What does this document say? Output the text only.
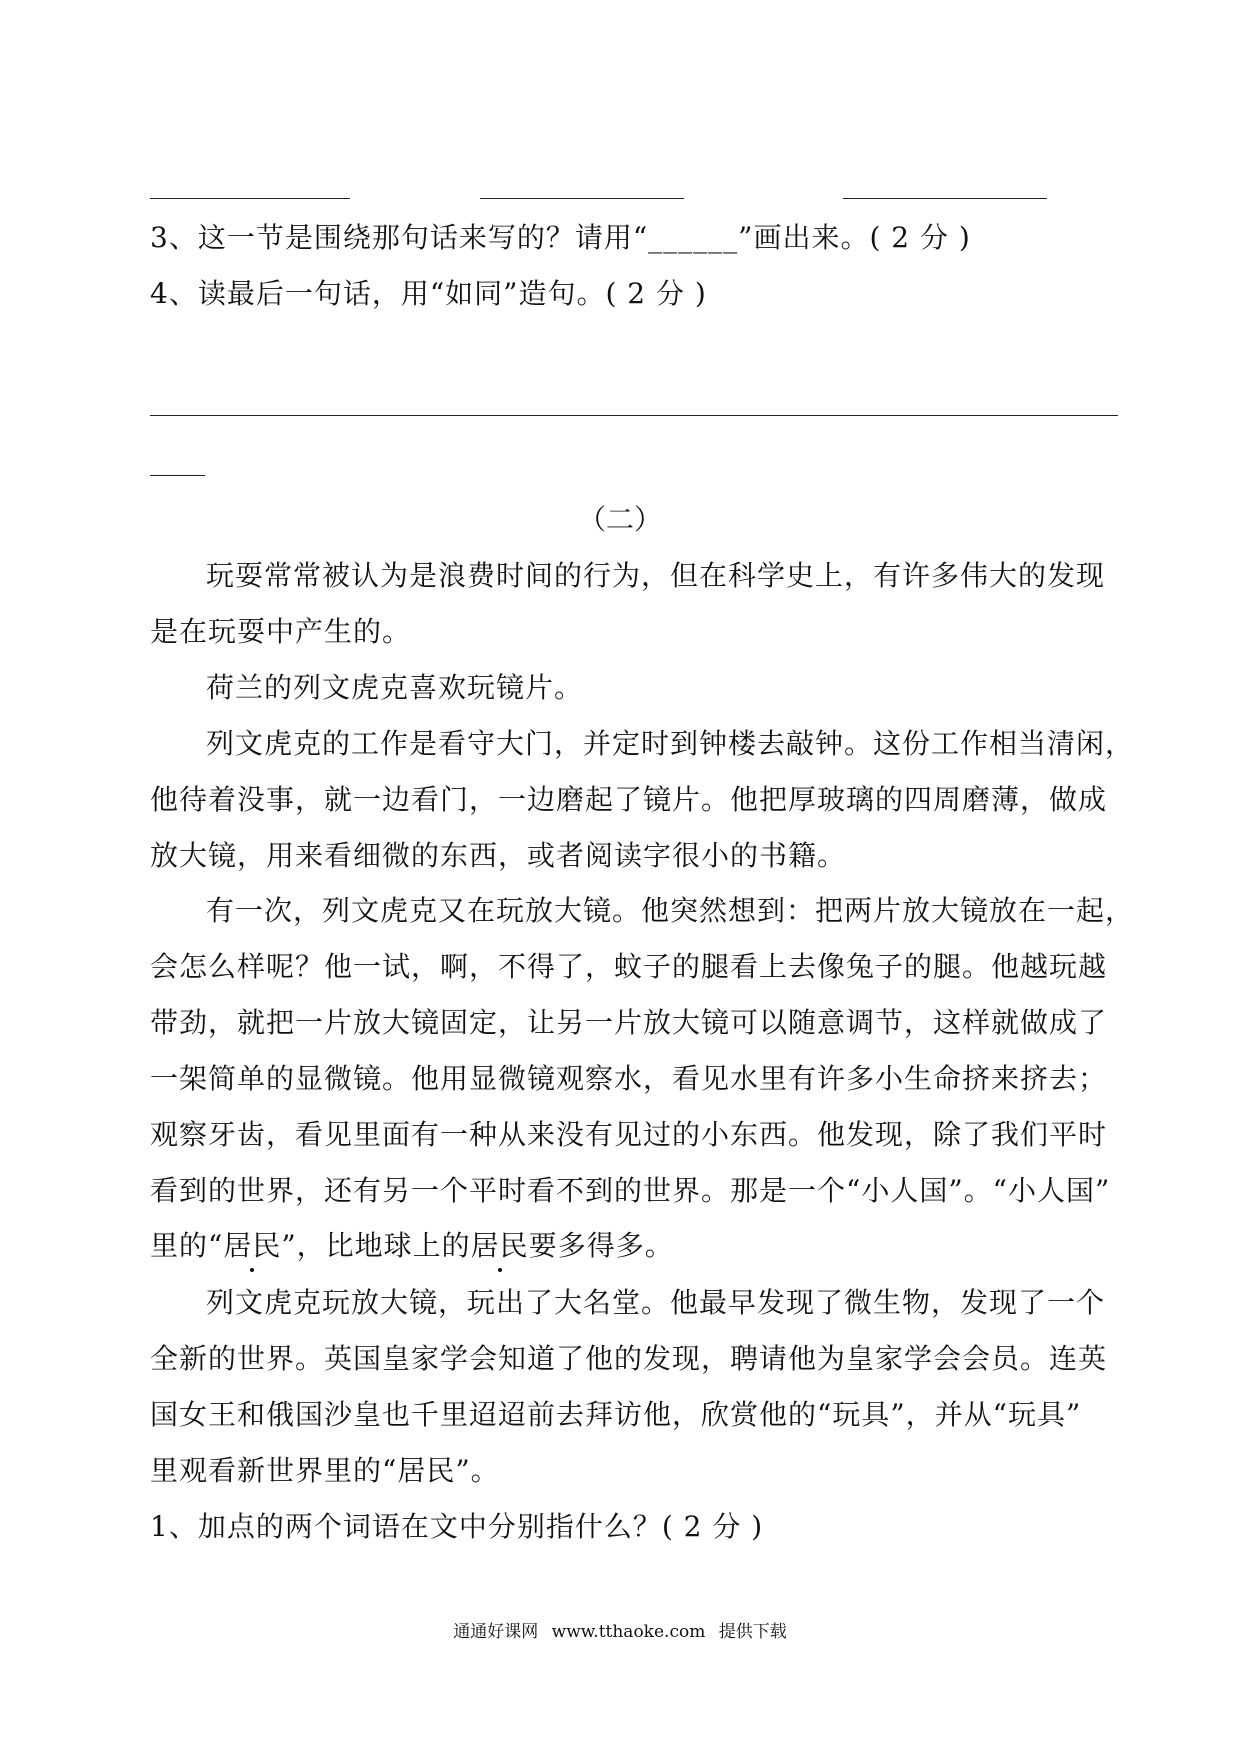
3、这一节是围绕那句话来写的？请用“______”画出来。( 2 分 )
4、读最后一句话，用“如同”造句。( 2 分 )
（二）
玩耍常常被认为是浪费时间的行为，但在科学史上，有许多伟大的发现
是在玩耍中产生的。
荷兰的列文虎克喜欢玩镜片。
列文虎克的工作是看守大门，并定时到钟楼去敲钟。这份工作相当清闲，
他待着没事，就一边看门，一边磨起了镜片。他把厚玻璃的四周磨薄，做成
放大镜，用来看细微的东西，或者阅读字很小的书籍。
有一次，列文虎克又在玩放大镜。他突然想到：把两片放大镜放在一起，
会怎么样呢？他一试，啊，不得了，蚊子的腿看上去像兔子的腿。他越玩越
带劲，就把一片放大镜固定，让另一片放大镜可以随意调节，这样就做成了
一架简单的显微镜。他用显微镜观察水，看见水里有许多小生命挤来挤去；
观察牙齿，看见里面有一种从来没有见过的小东西。他发现，除了我们平时
看到的世界，还有另一个平时看不到的世界。那是一个“小人国”。“小人国”
里的“居民”，比地球上的居民要多得多。
列文虎克玩放大镜，玩出了大名堂。他最早发现了微生物，发现了一个
全新的世界。英国皇家学会知道了他的发现，聘请他为皇家学会会员。连英
国女王和俄国沙皇也千里迢迢前去拜访他，欣赏他的“玩具”，并从“玩具”
里观看新世界里的“居民”。
1、加点的两个词语在文中分别指什么？( 2 分 )
通通好课网 www.tthaoke.com 提供下载
